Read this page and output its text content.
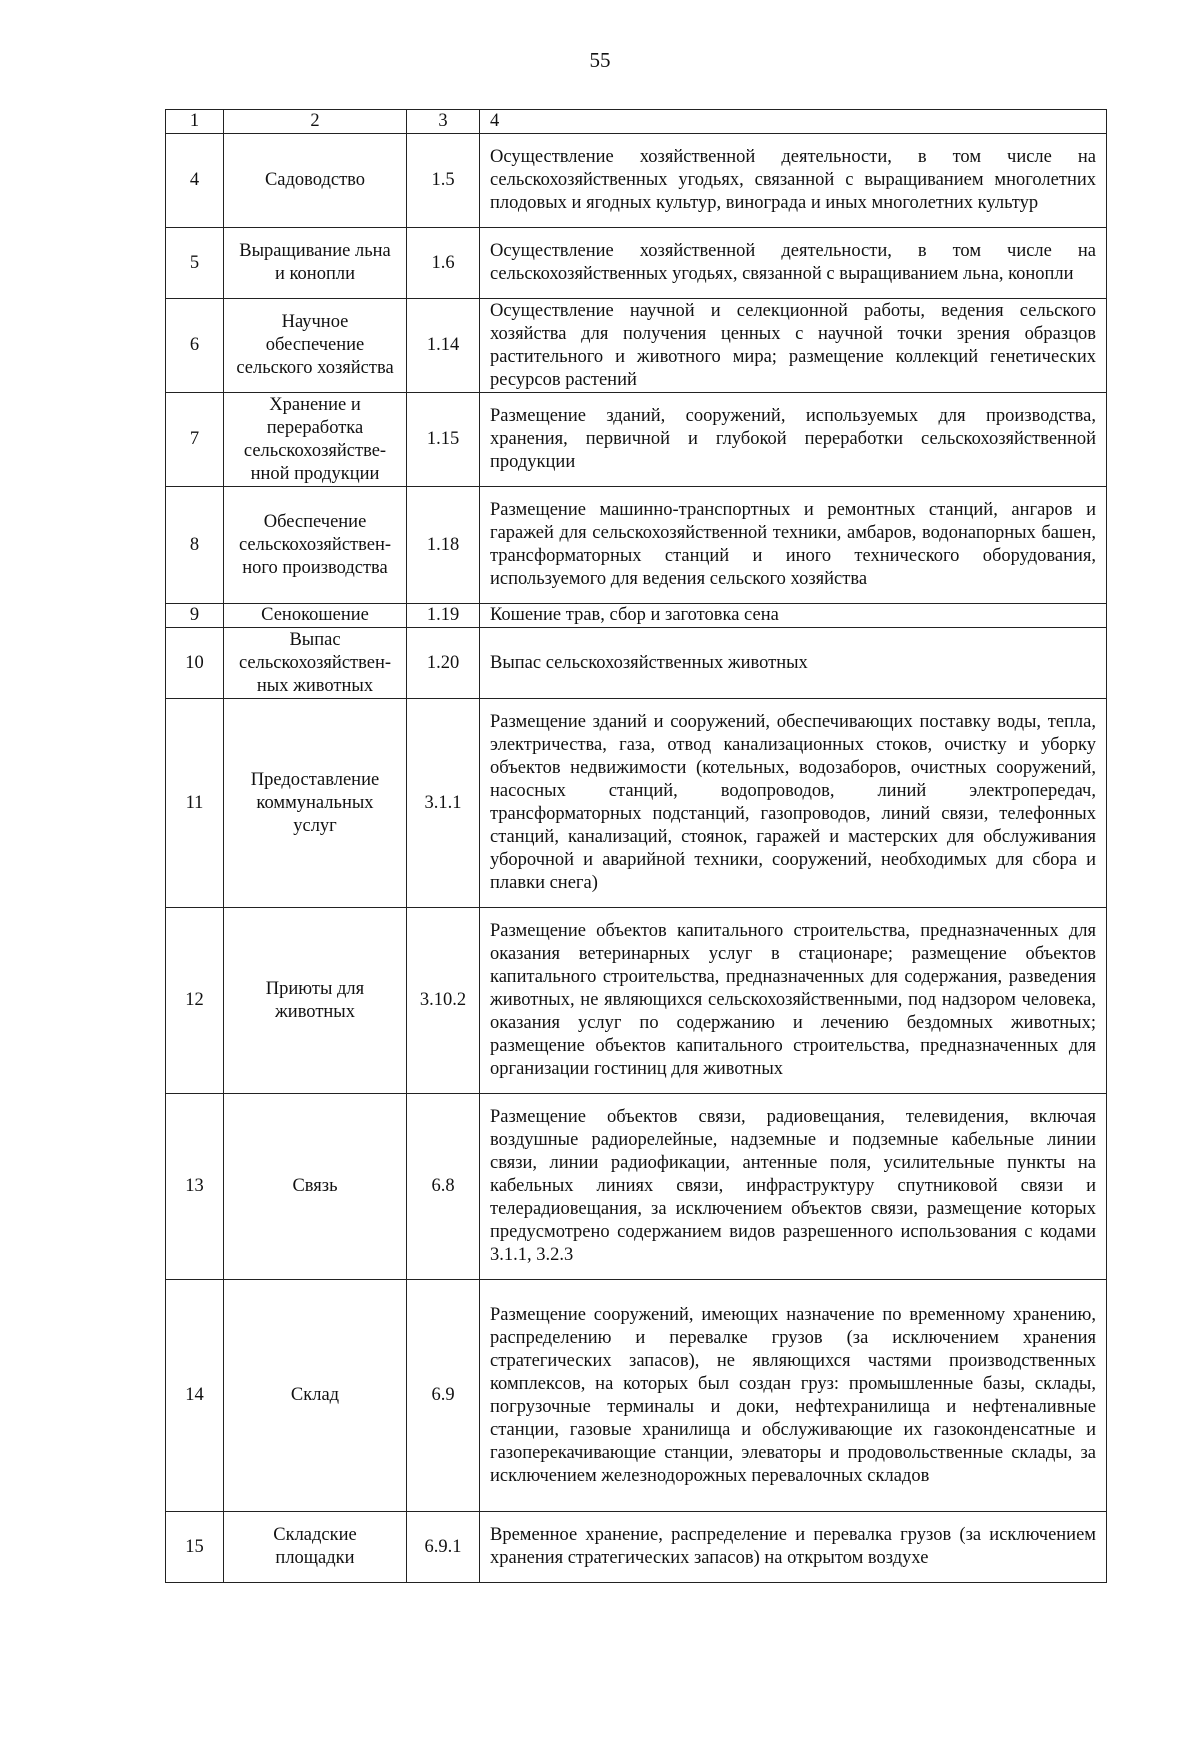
55
1	2	3	4
4	Садоводство	1.5	Осуществление хозяйственной деятельности, в том числе на сельскохозяйственных угодьях, связанной с выращиванием многолетних плодовых и ягодных культур, винограда и иных многолетних культур
5	Выращивание льна и конопли	1.6	Осуществление хозяйственной деятельности, в том числе на сельскохозяйственных угодьях, связанной с выращиванием льна, конопли
6	Научное обеспечение сельского хозяйства	1.14	Осуществление научной и селекционной работы, ведения сельского хозяйства для получения ценных с научной точки зрения образцов растительного и животного мира; размещение коллекций генетических ресурсов растений
7	Хранение и переработка сельскохозяйстве-нной продукции	1.15	Размещение зданий, сооружений, используемых для производства, хранения, первичной и глубокой переработки сельскохозяйственной продукции
8	Обеспечение сельскохозяйствен-ного производства	1.18	Размещение машинно-транспортных и ремонтных станций, ангаров и гаражей для сельскохозяйственной техники, амбаров, водонапорных башен, трансформаторных станций и иного технического оборудования, используемого для ведения сельского хозяйства
9	Сенокошение	1.19	Кошение трав, сбор и заготовка сена
10	Выпас сельскохозяйствен-ных животных	1.20	Выпас сельскохозяйственных животных
11	Предоставление коммунальных услуг	3.1.1	Размещение зданий и сооружений, обеспечивающих поставку воды, тепла, электричества, газа, отвод канализационных стоков, очистку и уборку объектов недвижимости (котельных, водозаборов, очистных сооружений, насосных станций, водопроводов, линий электропередач, трансформаторных подстанций, газопроводов, линий связи, телефонных станций, канализаций, стоянок, гаражей и мастерских для обслуживания уборочной и аварийной техники, сооружений, необходимых для сбора и плавки снега)
12	Приюты для животных	3.10.2	Размещение объектов капитального строительства, предназначенных для оказания ветеринарных услуг в стационаре; размещение объектов капитального строительства, предназначенных для содержания, разведения животных, не являющихся сельскохозяйственными, под надзором человека, оказания услуг по содержанию и лечению бездомных животных; размещение объектов капитального строительства, предназначенных для организации гостиниц для животных
13	Связь	6.8	Размещение объектов связи, радиовещания, телевидения, включая воздушные радиорелейные, надземные и подземные кабельные линии связи, линии радиофикации, антенные поля, усилительные пункты на кабельных линиях связи, инфраструктуру спутниковой связи и телерадиовещания, за исключением объектов связи, размещение которых предусмотрено содержанием видов разрешенного использования с кодами 3.1.1, 3.2.3
14	Склад	6.9	Размещение сооружений, имеющих назначение по временному хранению, распределению и перевалке грузов (за исключением хранения стратегических запасов), не являющихся частями производственных комплексов, на которых был создан груз: промышленные базы, склады, погрузочные терминалы и доки, нефтехранилища и нефтеналивные станции, газовые хранилища и обслуживающие их газоконденсатные и газоперекачивающие станции, элеваторы и продовольственные склады, за исключением железнодорожных перевалочных складов
15	Складские площадки	6.9.1	Временное хранение, распределение и перевалка грузов (за исключением хранения стратегических запасов) на открытом воздухе
